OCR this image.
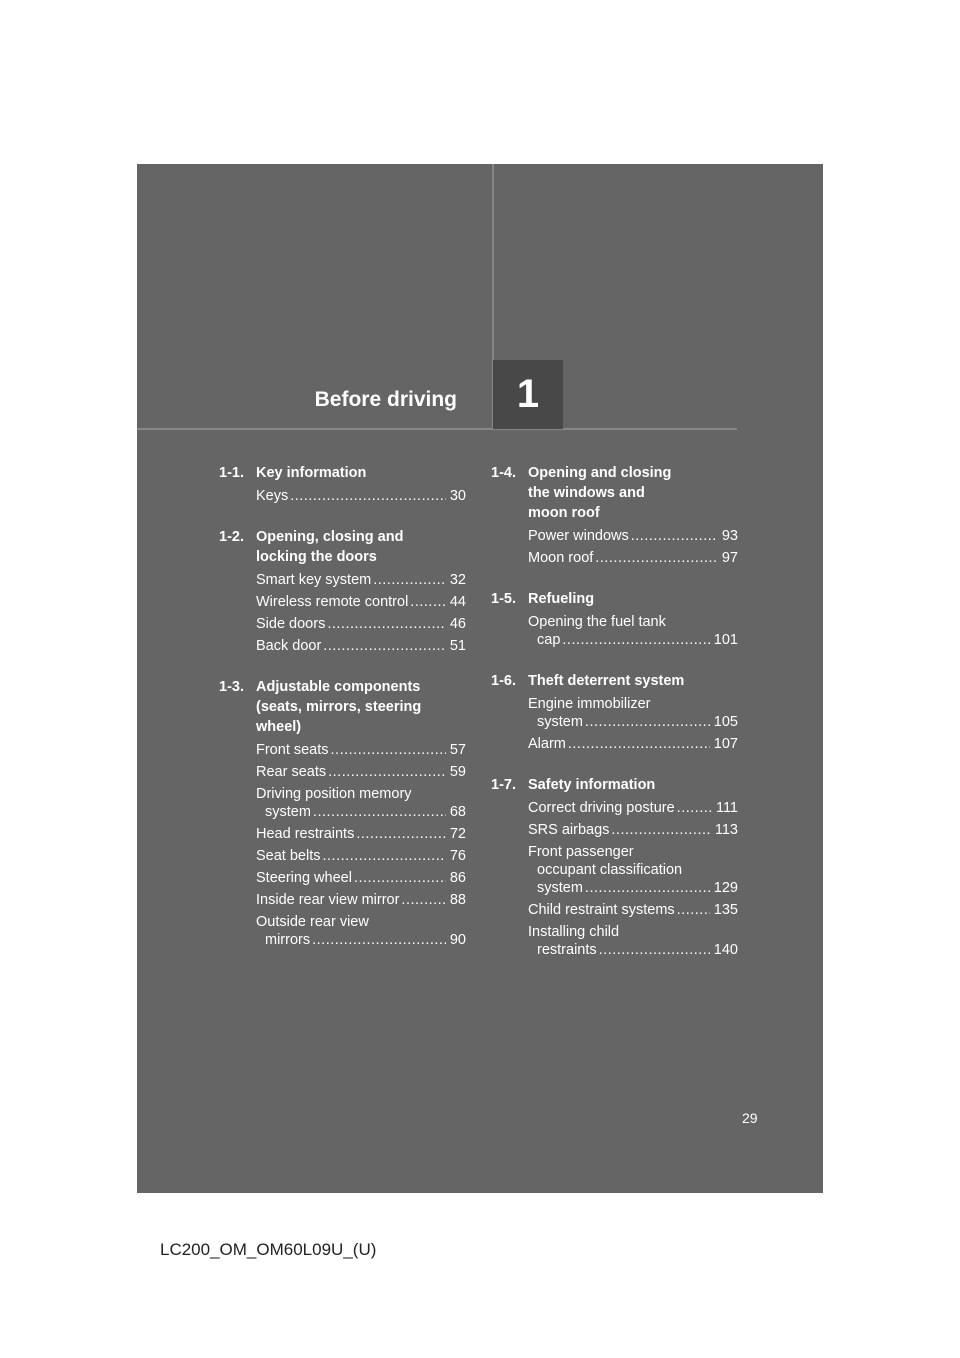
1
Before driving
1-1. Key information
Keys .....	30
1-2. Opening, closing and
locking the doors
Smart key system .....	32
Wireless remote control .....	44
Side doors .....	46
Back door .....	51
1-3. Adjustable components
(seats, mirrors, steering
wheel)
Front seats .....	57
Rear seats .....	59
Driving position memory
system .....	68
Head restraints .....	72
Seat belts .....	76
Steering wheel .....	86
Inside rear view mirror .....	88
Outside rear view
mirrors .....	90
1-4. Opening and closing
the windows and
moon roof
Power windows .....	93
Moon roof .....	97
1-5. Refueling
Opening the fuel tank
cap .....	101
1-6. Theft deterrent system
Engine immobilizer
system .....	105
Alarm .....	107
1-7. Safety information
Correct driving posture .....	111
SRS airbags .....	113
Front passenger
occupant classification
system .....	129
Child restraint systems .....	135
Installing child
restraints .....	140
29
LC200_OM_OM60L09U_(U)
